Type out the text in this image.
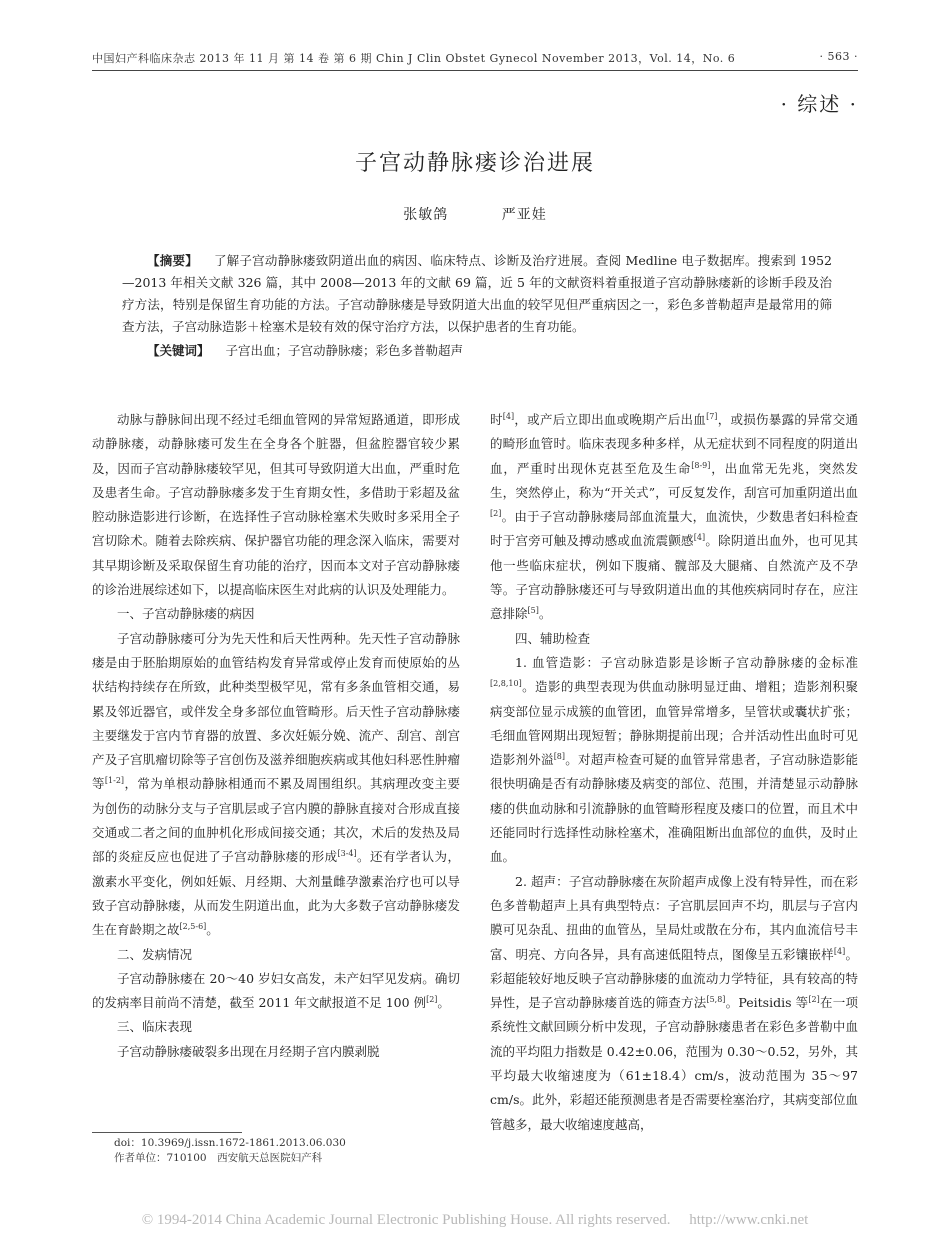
中国妇产科临床杂志 2013 年 11 月 第 14 卷 第 6 期 Chin J Clin Obstet Gynecol November 2013，Vol. 14，No. 6	· 563 ·
· 综述 ·
子宫动静脉瘘诊治进展
张敏鸽	严亚娃

【摘要】 了解子宫动静脉瘘致阴道出血的病因、临床特点、诊断及治疗进展。查阅 Medline 电子数据库。搜索到 1952—2013 年相关文献 326 篇，其中 2008—2013 年的文献 69 篇，近 5 年的文献资料着重报道子宫动静脉瘘新的诊断手段及治疗方法，特别是保留生育功能的方法。子宫动静脉瘘是导致阴道大出血的较罕见但严重病因之一，彩色多普勒超声是最常用的筛查方法，子宫动脉造影＋栓塞术是较有效的保守治疗方法，以保护患者的生育功能。

【关键词】 子宫出血；子宫动静脉瘘；彩色多普勒超声

动脉与静脉间出现不经过毛细血管网的异常短路通道，即形成动静脉瘘，动静脉瘘可发生在全身各个脏器，但盆腔器官较少累及，因而子宫动静脉瘘较罕见，但其可导致阴道大出血，严重时危及患者生命。子宫动静脉瘘多发于生育期女性，多借助于彩超及盆腔动脉造影进行诊断，在选择性子宫动脉栓塞术失败时多采用全子宫切除术。随着去除疾病、保护器官功能的理念深入临床，需要对其早期诊断及采取保留生育功能的治疗，因而本文对子宫动静脉瘘的诊治进展综述如下，以提高临床医生对此病的认识及处理能力。

一、子宫动静脉瘘的病因

子宫动静脉瘘可分为先天性和后天性两种。先天性子宫动静脉瘘是由于胚胎期原始的血管结构发育异常或停止发育而使原始的丛状结构持续存在所致，此种类型极罕见，常有多条血管相交通，易累及邻近器官，或伴发全身多部位血管畸形。后天性子宫动静脉瘘主要继发于宫内节育器的放置、多次妊娠分娩、流产、刮宫、剖宫产及子宫肌瘤切除等子宫创伤及滋养细胞疾病或其他妇科恶性肿瘤等[1-2]，常为单根动静脉相通而不累及周围组织。其病理改变主要为创伤的动脉分支与子宫肌层或子宫内膜的静脉直接对合形成直接交通或二者之间的血肿机化形成间接交通；其次，术后的发热及局部的炎症反应也促进了子宫动静脉瘘的形成[3-4]。还有学者认为，激素水平变化，例如妊娠、月经期、大剂量雌孕激素治疗也可以导致子宫动静脉瘘，从而发生阴道出血，此为大多数子宫动静脉瘘发生在育龄期之故[2,5-6]。

二、发病情况

子宫动静脉瘘在 20～40 岁妇女高发，未产妇罕见发病。确切的发病率目前尚不清楚，截至 2011 年文献报道不足 100 例[2]。

三、临床表现

子宫动静脉瘘破裂多出现在月经期子宫内膜剥脱

时[4]，或产后立即出血或晚期产后出血[7]，或损伤暴露的异常交通的畸形血管时。临床表现多种多样，从无症状到不同程度的阴道出血，严重时出现休克甚至危及生命[8-9]，出血常无先兆，突然发生，突然停止，称为“开关式”，可反复发作，刮宫可加重阴道出血[2]。由于子宫动静脉瘘局部血流量大，血流快，少数患者妇科检查时于宫旁可触及搏动感或血流震颤感[4]。除阴道出血外，也可见其他一些临床症状，例如下腹痛、髋部及大腿痛、自然流产及不孕等。子宫动静脉瘘还可与导致阴道出血的其他疾病同时存在，应注意排除[5]。

四、辅助检查

1. 血管造影：子宫动脉造影是诊断子宫动静脉瘘的金标准[2,8,10]。造影的典型表现为供血动脉明显迂曲、增粗；造影剂积聚病变部位显示成簇的血管团，血管异常增多，呈管状或囊状扩张；毛细血管网期出现短暂；静脉期提前出现；合并活动性出血时可见造影剂外溢[8]。对超声检查可疑的血管异常患者，子宫动脉造影能很快明确是否有动静脉瘘及病变的部位、范围，并清楚显示动静脉瘘的供血动脉和引流静脉的血管畸形程度及瘘口的位置，而且术中还能同时行选择性动脉栓塞术，准确阻断出血部位的血供，及时止血。

2. 超声：子宫动静脉瘘在灰阶超声成像上没有特异性，而在彩色多普勒超声上具有典型特点：子宫肌层回声不均，肌层与子宫内膜可见杂乱、扭曲的血管丛，呈局灶或散在分布，其内血流信号丰富、明亮、方向各异，具有高速低阻特点，图像呈五彩镶嵌样[4]。彩超能较好地反映子宫动静脉瘘的血流动力学特征，具有较高的特异性，是子宫动静脉瘘首选的筛查方法[5,8]。Peitsidis 等[2]在一项系统性文献回顾分析中发现，子宫动静脉瘘患者在彩色多普勒中血流的平均阻力指数是 0.42±0.06，范围为 0.30～0.52，另外，其平均最大收缩速度为（61±18.4）cm/s，波动范围为 35～97 cm/s。此外，彩超还能预测患者是否需要栓塞治疗，其病变部位血管越多，最大收缩速度越高，

doi：10.3969/j.issn.1672-1861.2013.06.030
作者单位：710100　西安航天总医院妇产科
© 1994-2014 China Academic Journal Electronic Publishing House. All rights reserved.　 http://www.cnki.net
